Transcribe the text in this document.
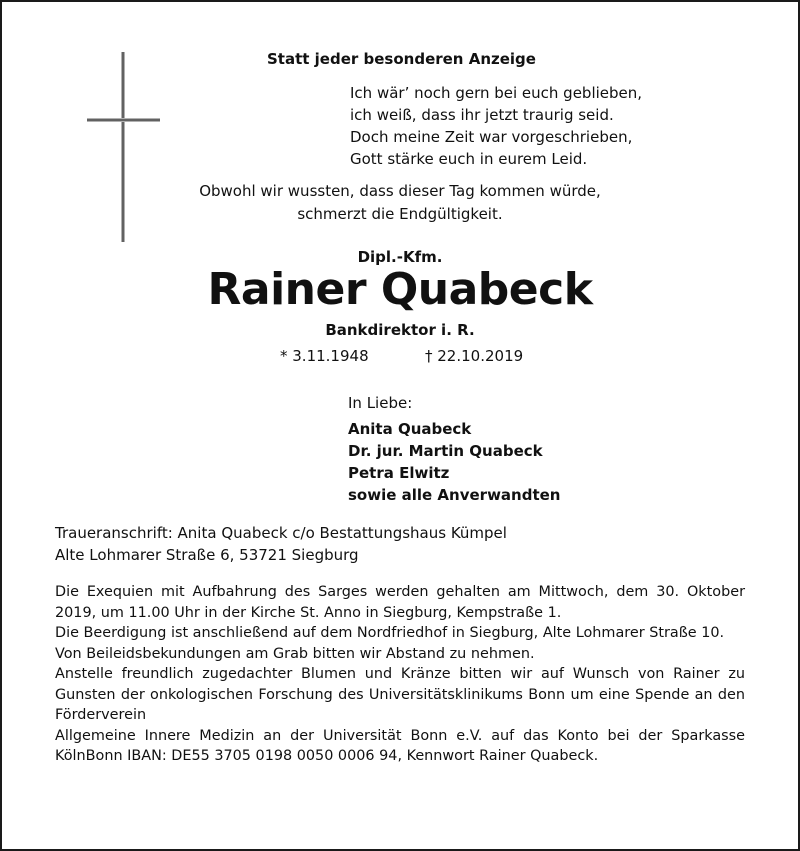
Statt jeder besonderen Anzeige
Ich wär’ noch gern bei euch geblieben,
ich weiß, dass ihr jetzt traurig seid.
Doch meine Zeit war vorgeschrieben,
Gott stärke euch in eurem Leid.
Obwohl wir wussten, dass dieser Tag kommen würde,
schmerzt die Endgültigkeit.
Dipl.-Kfm.
Rainer Quabeck
Bankdirektor i. R.
* 3.11.1948	† 22.10.2019
In Liebe:
Anita Quabeck
Dr. jur. Martin Quabeck
Petra Elwitz
sowie alle Anverwandten
Traueranschrift: Anita Quabeck c/o Bestattungshaus Kümpel
Alte Lohmarer Straße 6, 53721 Siegburg

Die Exequien mit Aufbahrung des Sarges werden gehalten am Mittwoch, dem 30. Oktober 2019, um 11.00 Uhr in der Kirche St. Anno in Siegburg, Kempstraße 1.

Die Beerdigung ist anschließend auf dem Nordfriedhof in Siegburg, Alte Lohmarer Straße 10.

Von Beileidsbekundungen am Grab bitten wir Abstand zu nehmen.

Anstelle freundlich zugedachter Blumen und Kränze bitten wir auf Wunsch von Rainer zu Gunsten der onkologischen Forschung des Universitätsklinikums Bonn um eine Spende an den Förderverein

Allgemeine Innere Medizin an der Universität Bonn e.V. auf das Konto bei der Sparkasse KölnBonn IBAN: DE55 3705 0198 0050 0006 94, Kennwort Rainer Quabeck.
